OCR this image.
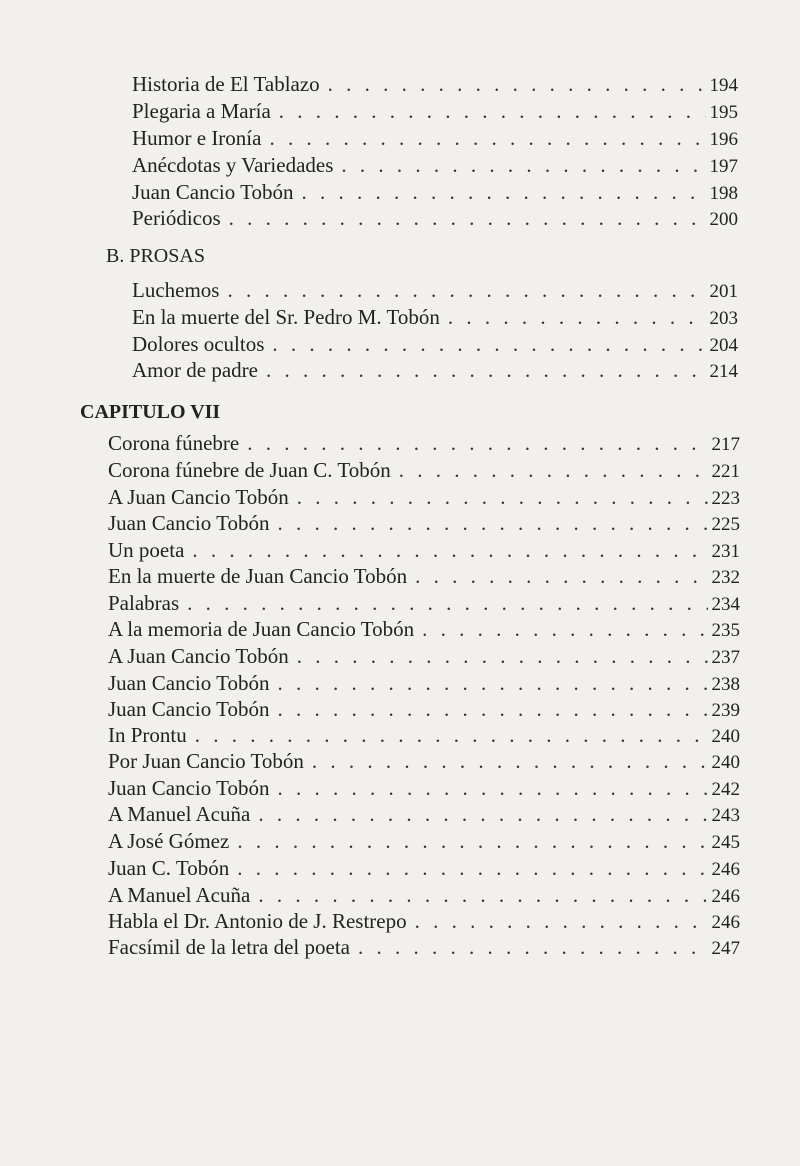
Historia de El Tablazo . . .	194
Plegaria a María . . .	195
Humor e Ironía . . .	196
Anécdotas y Variedades . . .	197
Juan Cancio Tobón . . .	198
Periódicos . . .	200
B. PROSAS
Luchemos . . .	201
En la muerte del Sr. Pedro M. Tobón . . .	203
Dolores ocultos . . .	204
Amor de padre . . .	214
CAPITULO VII
Corona fúnebre . . .	217
Corona fúnebre de Juan C. Tobón . . .	221
A Juan Cancio Tobón . . .	223
Juan Cancio Tobón . . .	225
Un poeta . . .	231
En la muerte de Juan Cancio Tobón . . .	232
Palabras . . .	234
A la memoria de Juan Cancio Tobón . . .	235
A Juan Cancio Tobón . . .	237
Juan Cancio Tobón . . .	238
Juan Cancio Tobón . . .	239
In Prontu . . .	240
Por Juan Cancio Tobón . . .	240
Juan Cancio Tobón . . .	242
A Manuel Acuña . . .	243
A José Gómez . . .	245
Juan C. Tobón . . .	246
A Manuel Acuña . . .	246
Habla el Dr. Antonio de J. Restrepo . . .	246
Facsímil de la letra del poeta . . .	247
